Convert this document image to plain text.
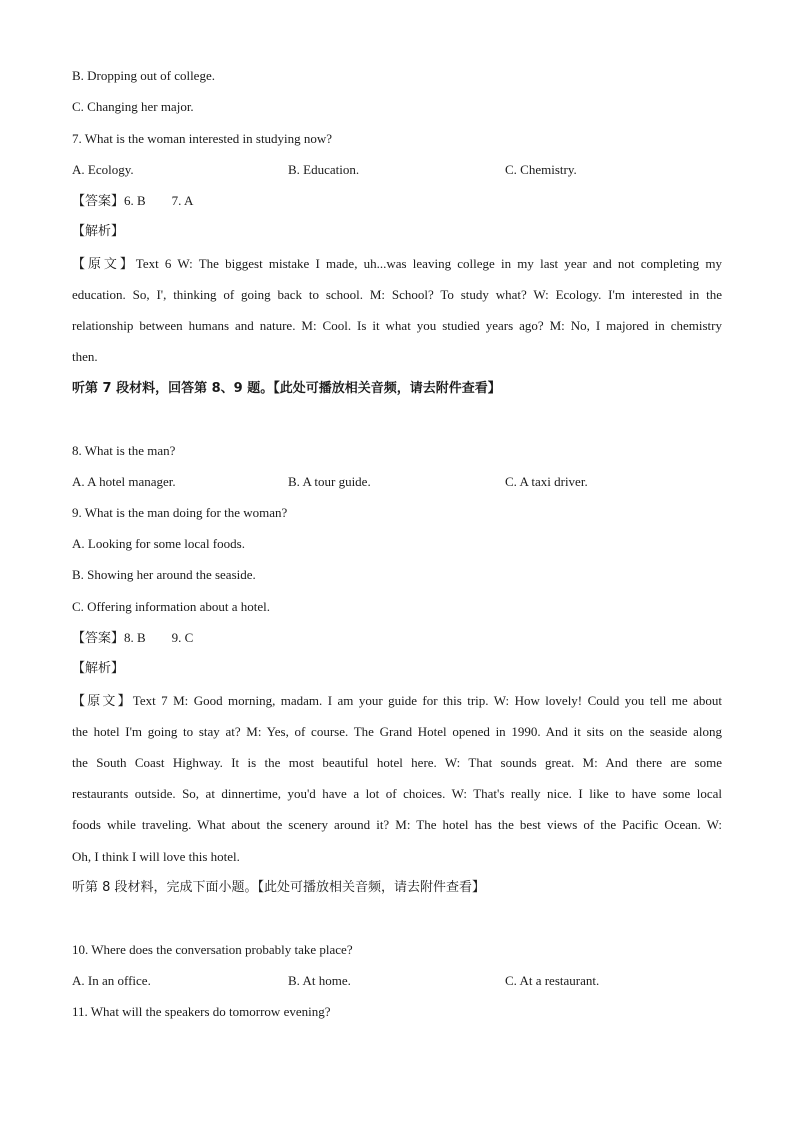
B. Dropping out of college.
C. Changing her major.
7. What is the woman interested in studying now?
A. Ecology.	B. Education.	C. Chemistry.
【答案】6. B　　7. A
【解析】
【原文】Text 6 W: The biggest mistake I made, uh...was leaving college in my last year and not completing my
education. So, I', thinking of going back to school. M: School? To study what? W: Ecology. I'm interested in the
relationship between humans and nature. M: Cool. Is it what you studied years ago? M: No, I majored in chemistry
then.
听第 7 段材料，回答第 8、9 题。【此处可播放相关音频，请去附件查看】
8. What is the man?
A. A hotel manager.	B. A tour guide.	C. A taxi driver.
9. What is the man doing for the woman?
A. Looking for some local foods.
B. Showing her around the seaside.
C. Offering information about a hotel.
【答案】8. B　　9. C
【解析】
【原文】Text 7 M: Good morning, madam. I am your guide for this trip. W: How lovely! Could you tell me about
the hotel I'm going to stay at? M: Yes, of course. The Grand Hotel opened in 1990. And it sits on the seaside along
the South Coast Highway. It is the most beautiful hotel here. W: That sounds great. M: And there are some
restaurants outside. So, at dinnertime, you'd have a lot of choices. W: That's really nice. I like to have some local
foods while traveling. What about the scenery around it? M: The hotel has the best views of the Pacific Ocean. W:
Oh, I think I will love this hotel.
听第 8 段材料，完成下面小题。【此处可播放相关音频，请去附件查看】
10. Where does the conversation probably take place?
A. In an office.	B. At home.	C. At a restaurant.
11. What will the speakers do tomorrow evening?
